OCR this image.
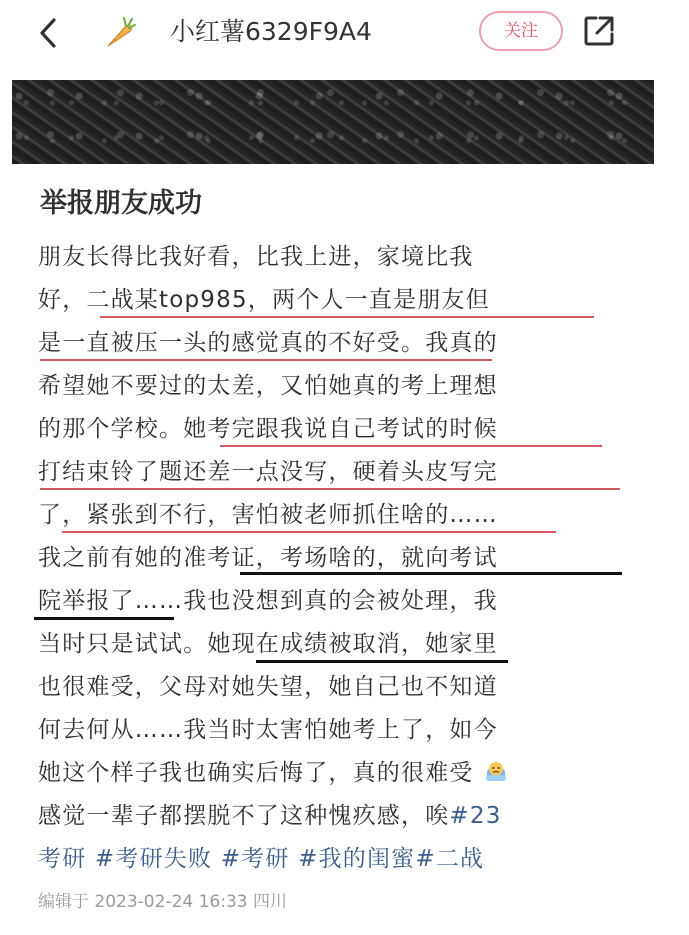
小红薯6329F9A4	关注
举报朋友成功
朋友长得比我好看，比我上进，家境比我
好，二战某top985，两个人一直是朋友但
是一直被压一头的感觉真的不好受。我真的
希望她不要过的太差，又怕她真的考上理想
的那个学校。她考完跟我说自己考试的时候
打结束铃了题还差一点没写，硬着头皮写完
了，紧张到不行，害怕被老师抓住啥的……
我之前有她的准考证，考场啥的，就向考试
院举报了……我也没想到真的会被处理，我
当时只是试试。她现在成绩被取消，她家里
也很难受，父母对她失望，她自己也不知道
何去何从……我当时太害怕她考上了，如今
她这个样子我也确实后悔了，真的很难受
感觉一辈子都摆脱不了这种愧疚感，唉#23
考研 #考研失败 #考研 #我的闺蜜#二战
编辑于 2023-02-24 16:33 四川
